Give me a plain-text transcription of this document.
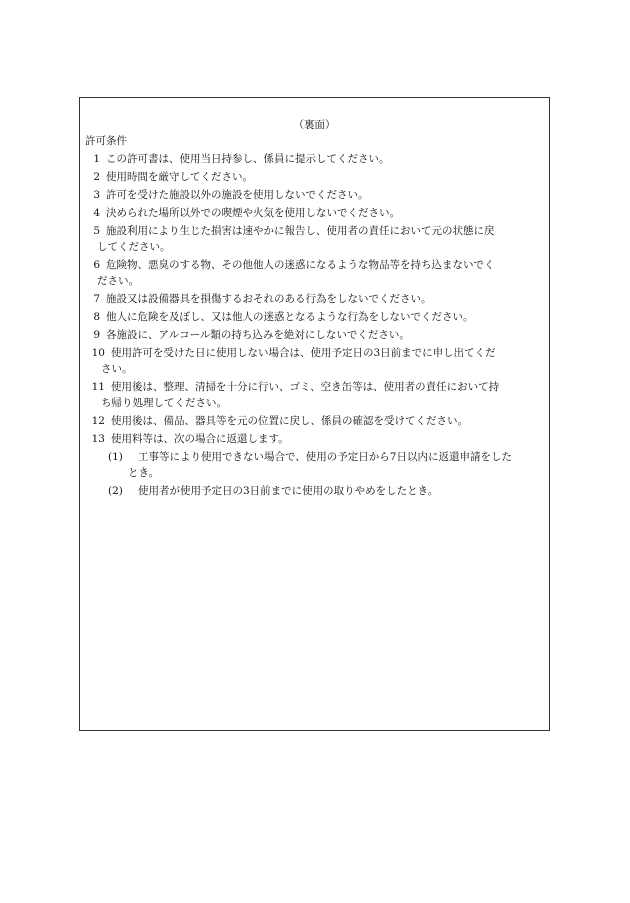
（裏面）
許可条件
1 この許可書は、使用当日持参し、係員に提示してください。
2 使用時間を厳守してください。
3 許可を受けた施設以外の施設を使用しないでください。
4 決められた場所以外での喫煙や火気を使用しないでください。
5 施設利用により生じた損害は速やかに報告し、使用者の責任において元の状態に戻
してください。
6 危険物、悪臭のする物、その他他人の迷惑になるような物品等を持ち込まないでく
ださい。
7 施設又は設備器具を損傷するおそれのある行為をしないでください。
8 他人に危険を及ぼし、又は他人の迷惑となるような行為をしないでください。
9 各施設に、アルコール類の持ち込みを絶対にしないでください。
10 使用許可を受けた日に使用しない場合は、使用予定日の3日前までに申し出てくだ
さい。
11 使用後は、整理、清掃を十分に行い、ゴミ、空き缶等は、使用者の責任において持
ち帰り処理してください。
12 使用後は、備品、器具等を元の位置に戻し、係員の確認を受けてください。
13 使用料等は、次の場合に返還します。
(1) 工事等により使用できない場合で、使用の予定日から7日以内に返還申請をした
とき。
(2) 使用者が使用予定日の3日前までに使用の取りやめをしたとき。
